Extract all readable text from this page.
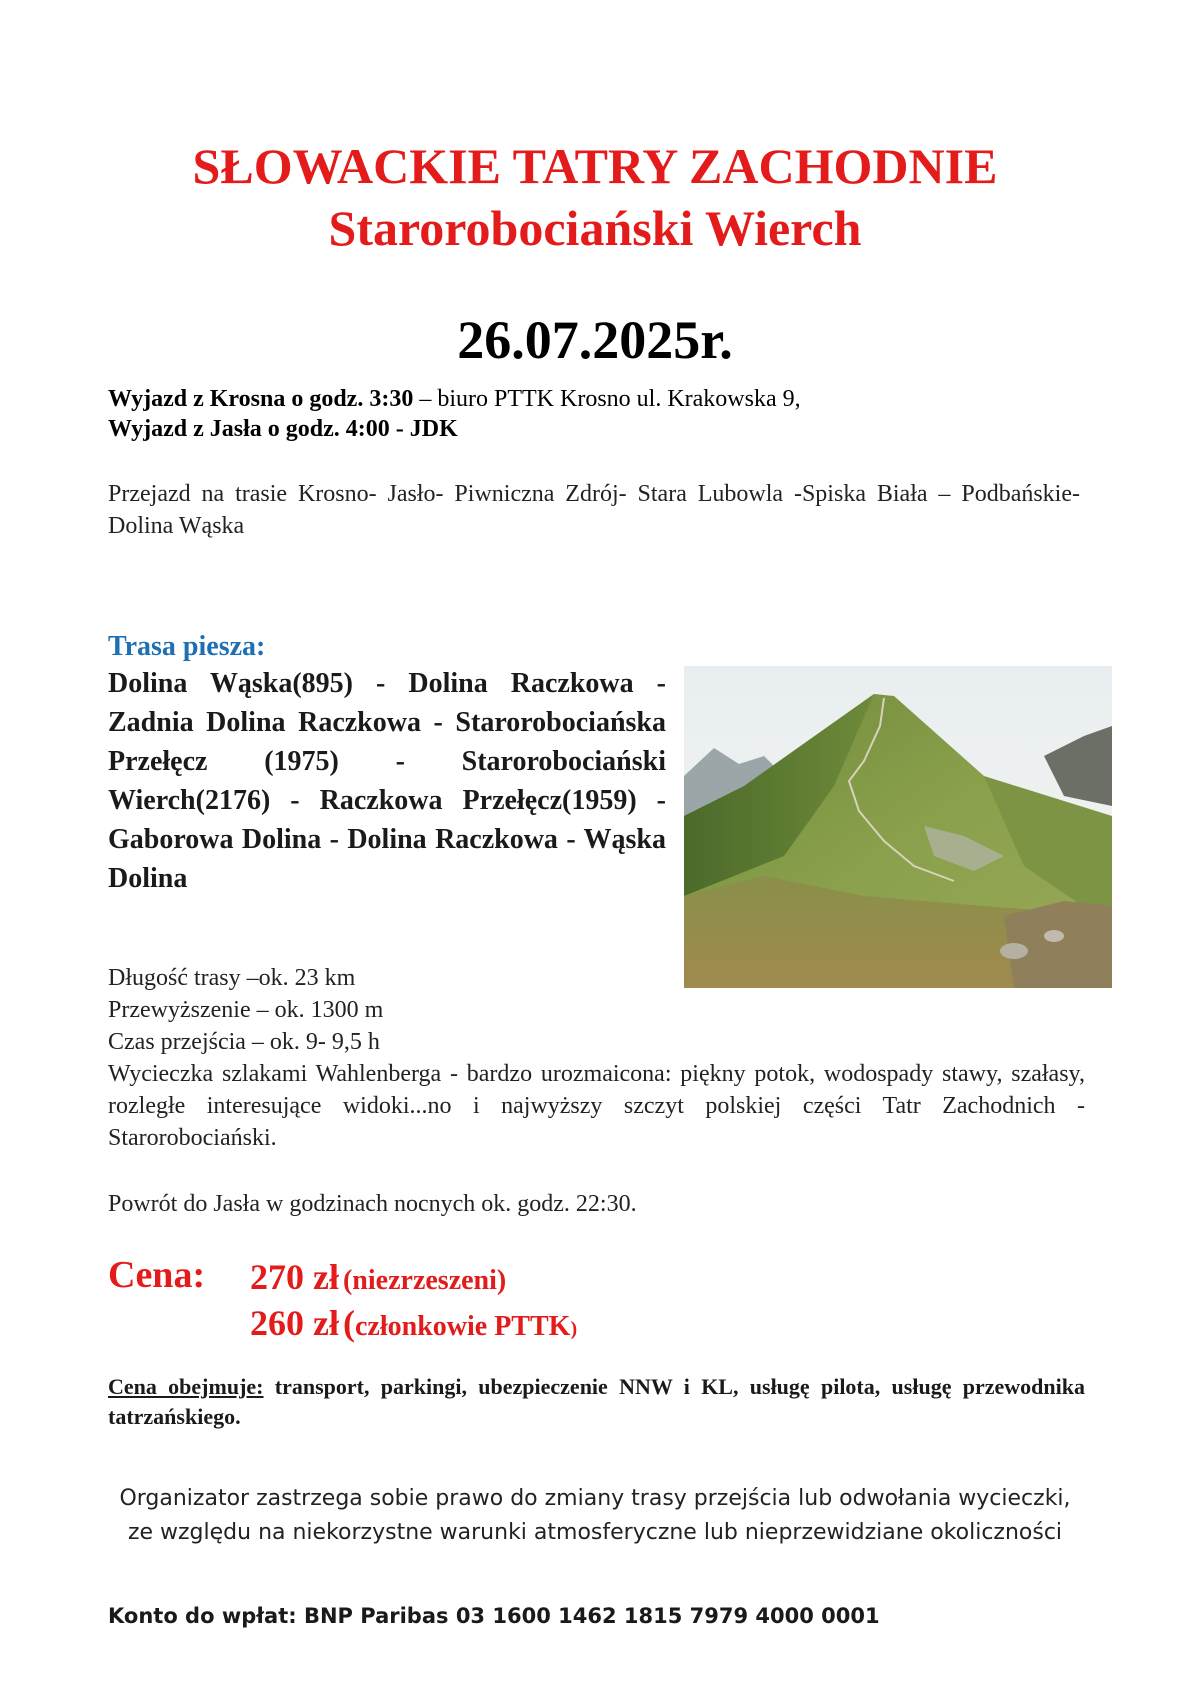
SŁOWACKIE TATRY ZACHODNIE
Starorobociański Wierch
26.07.2025r.
Wyjazd z Krosna o godz. 3:30 – biuro PTTK Krosno ul. Krakowska 9,
Wyjazd z Jasła o godz. 4:00 - JDK
Przejazd na trasie Krosno- Jasło- Piwniczna Zdrój- Stara Lubowla -Spiska Biała – Podbańskie- Dolina Wąska
Trasa piesza:
Dolina Wąska(895) - Dolina Raczkowa - Zadnia Dolina Raczkowa - Starorobociańska Przełęcz (1975) - Starorobociański Wierch(2176) - Raczkowa Przełęcz(1959) - Gaborowa Dolina - Dolina Raczkowa - Wąska Dolina
Długość trasy –ok. 23 km
Przewyższenie – ok. 1300 m
Czas przejścia – ok. 9- 9,5 h
Wycieczka szlakami Wahlenberga - bardzo urozmaicona: piękny potok, wodospady stawy, szałasy, rozległe interesujące widoki...no i najwyższy szczyt polskiej części Tatr Zachodnich - Starorobociański.
Powrót do Jasła w godzinach nocnych ok. godz. 22:30.
Cena: 270 zł (niezrzeszeni)
260 zł (członkowie PTTK)
Cena obejmuje: transport, parkingi, ubezpieczenie NNW i KL, usługę pilota, usługę przewodnika tatrzańskiego.
Organizator zastrzega sobie prawo do zmiany trasy przejścia lub odwołania wycieczki,
ze względu na niekorzystne warunki atmosferyczne lub nieprzewidziane okoliczności
Konto do wpłat: BNP Paribas 03 1600 1462 1815 7979 4000 0001
